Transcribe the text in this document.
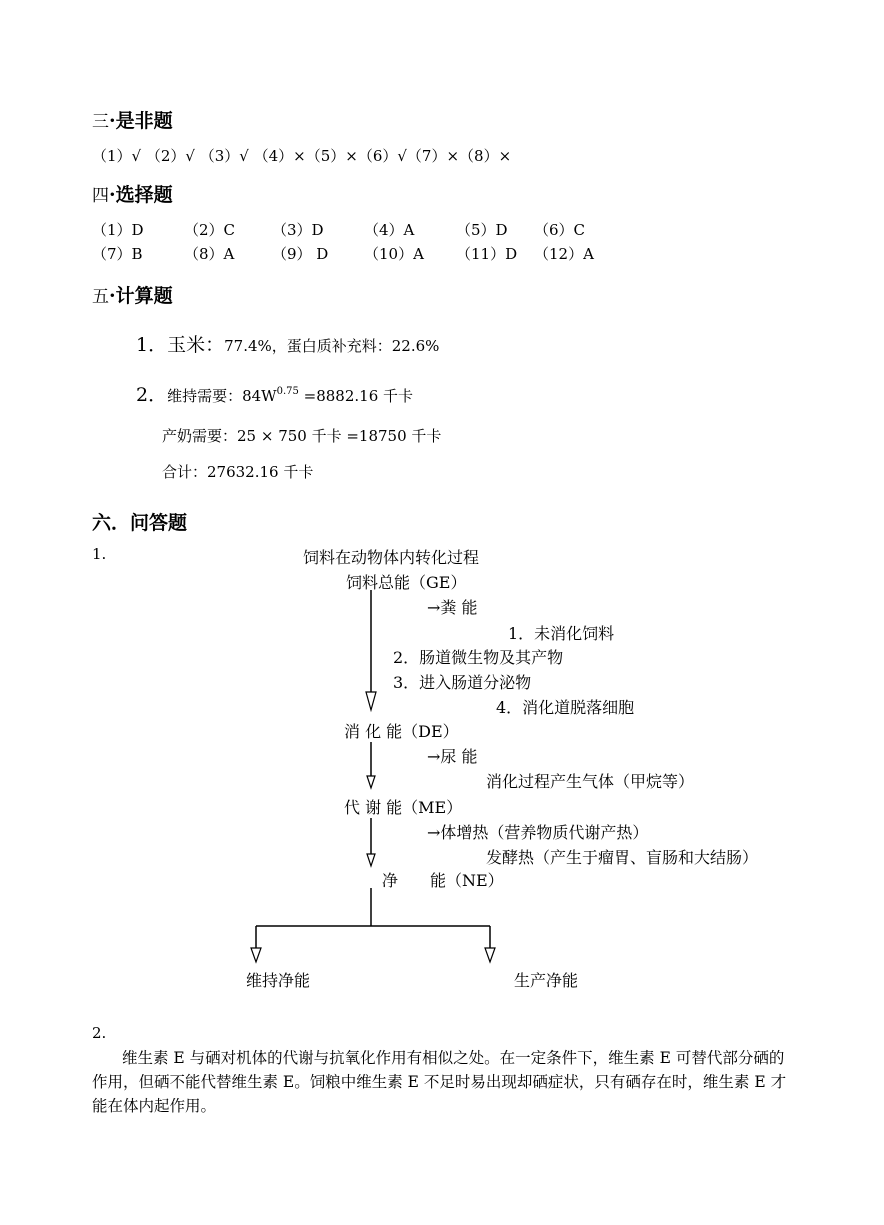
三·是非题
（1）√ （2）√ （3）√ （4）×（5）×（6）√（7）×（8）×
四·选择题
（1）D	（2）C （3）D	（4）A	（5）D （6）C
（7）B	（8）A	（9） D （10）A （11）D （12）A
五·计算题
1．玉米：77.4%，蛋白质补充料：22.6%
2．维持需要：$84W^{0.75} =8882.16$ 千卡
产奶需要：25 × 750 千卡 =18750 千卡
合计：27632.16 千卡
六．问答题
1.	饲料在动物体内转化过程
饲料总能（GE）
→粪 能
1．未消化饲料
2．肠道微生物及其产物
3．进入肠道分泌物
4．消化道脱落细胞
消 化 能（DE）
→尿 能
消化过程产生气体（甲烷等）
代 谢 能（ME）
→体增热（营养物质代谢产热）
发酵热（产生于瘤胃、盲肠和大结肠）
净　　能（NE）
维持净能	生产净能
2.
维生素 E 与硒对机体的代谢与抗氧化作用有相似之处。在一定条件下，维生素 E 可替代部分硒的作用，但硒不能代替维生素 E。饲粮中维生素 E 不足时易出现却硒症状，只有硒存在时，维生素 E 才能在体内起作用。
